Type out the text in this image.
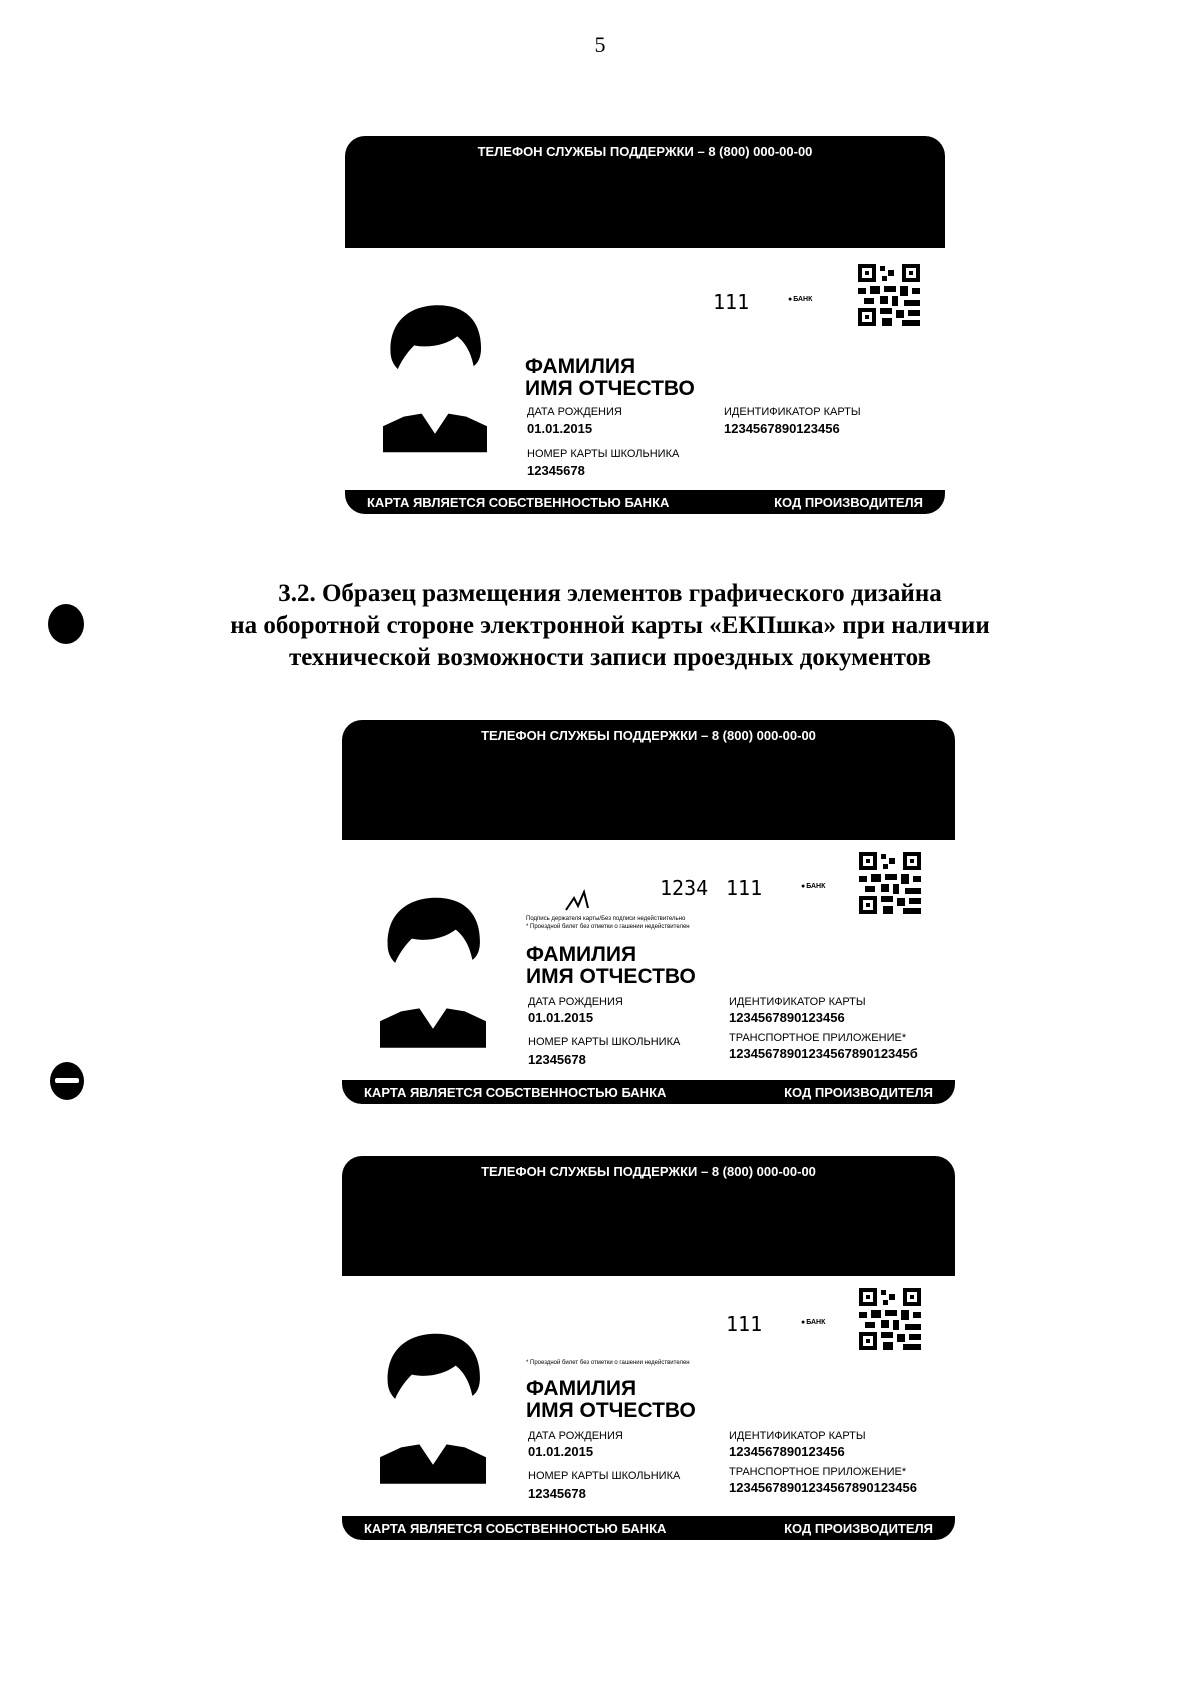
5
ТЕЛЕФОН СЛУЖБЫ ПОДДЕРЖКИ – 8 (800) 000-00-00
111	● БАНК
ФАМИЛИЯ
ИМЯ ОТЧЕСТВО
ДАТА РОЖДЕНИЯ
01.01.2015
НОМЕР КАРТЫ ШКОЛЬНИКА
12345678
ИДЕНТИФИКАТОР КАРТЫ
1234567890123456
КАРТА ЯВЛЯЕТСЯ СОБСТВЕННОСТЬЮ БАНКА	КОД ПРОИЗВОДИТЕЛЯ
3.2. Образец размещения элементов графического дизайна
на оборотной стороне электронной карты «ЕКПшка» при наличии
технической возможности записи проездных документов
ТЕЛЕФОН СЛУЖБЫ ПОДДЕРЖКИ – 8 (800) 000-00-00
1234 111	● БАНК
Подпись держателя карты/Без подписи недействительно
* Проездной билет без отметки о гашении недействителен
ФАМИЛИЯ
ИМЯ ОТЧЕСТВО
ДАТА РОЖДЕНИЯ
01.01.2015
НОМЕР КАРТЫ ШКОЛЬНИКА
12345678
ИДЕНТИФИКАТОР КАРТЫ
1234567890123456
ТРАНСПОРТНОЕ ПРИЛОЖЕНИЕ*
1234567890123456789012345б
КАРТА ЯВЛЯЕТСЯ СОБСТВЕННОСТЬЮ БАНКА	КОД ПРОИЗВОДИТЕЛЯ
ТЕЛЕФОН СЛУЖБЫ ПОДДЕРЖКИ – 8 (800) 000-00-00
111	● БАНК
* Проездной билет без отметки о гашении недействителен
ФАМИЛИЯ
ИМЯ ОТЧЕСТВО
ДАТА РОЖДЕНИЯ
01.01.2015
НОМЕР КАРТЫ ШКОЛЬНИКА
12345678
ИДЕНТИФИКАТОР КАРТЫ
1234567890123456
ТРАНСПОРТНОЕ ПРИЛОЖЕНИЕ*
12345678901234567890123456
КАРТА ЯВЛЯЕТСЯ СОБСТВЕННОСТЬЮ БАНКА	КОД ПРОИЗВОДИТЕЛЯ
